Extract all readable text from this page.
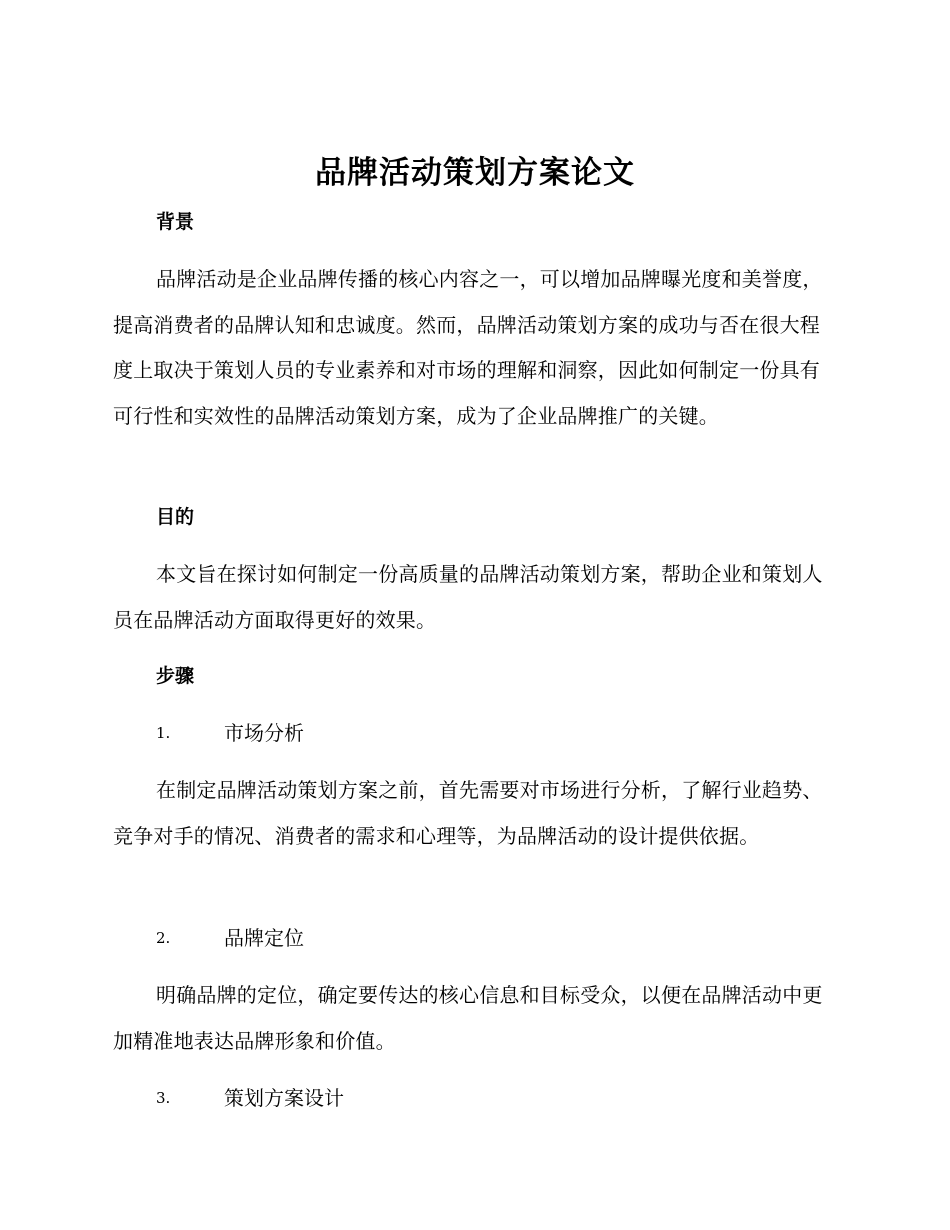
品牌活动策划方案论文
背景

品牌活动是企业品牌传播的核心内容之一，可以增加品牌曝光度和美誉度，提高消费者的品牌认知和忠诚度。然而，品牌活动策划方案的成功与否在很大程度上取决于策划人员的专业素养和对市场的理解和洞察，因此如何制定一份具有可行性和实效性的品牌活动策划方案，成为了企业品牌推广的关键。

目的

本文旨在探讨如何制定一份高质量的品牌活动策划方案，帮助企业和策划人员在品牌活动方面取得更好的效果。

步骤
1.	市场分析

在制定品牌活动策划方案之前，首先需要对市场进行分析，了解行业趋势、竞争对手的情况、消费者的需求和心理等，为品牌活动的设计提供依据。

2.	品牌定位

明确品牌的定位，确定要传达的核心信息和目标受众，以便在品牌活动中更加精准地表达品牌形象和价值。

3.	策划方案设计
